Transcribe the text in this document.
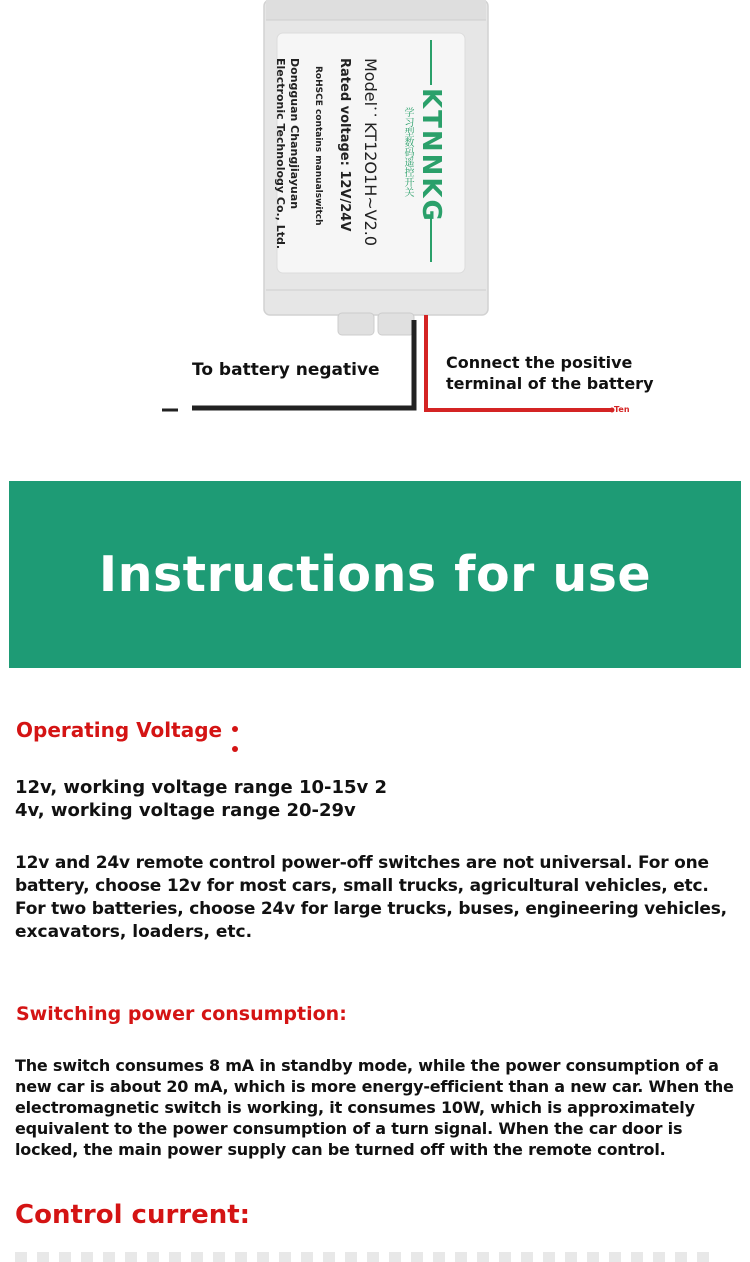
KTNNKG
学习型数码遥控开关
Model：KT12O1H~V2.0
Rated voltage: 12V/24V
RoHSCE contains manualswitch
Dongguan Changjiayuan
Electronic Technology Co., Ltd.
To battery negative	Connect the positive
terminal of the battery
Ten
Instructions for use
Operating Voltage
12v, working voltage range 10-15v 2
4v, working voltage range 20-29v
12v and 24v remote control power-off switches are not universal. For one
battery, choose 12v for most cars, small trucks, agricultural vehicles, etc.
For two batteries, choose 24v for large trucks, buses, engineering vehicles,
excavators, loaders, etc.
Switching power consumption:
The switch consumes 8 mA in standby mode, while the power consumption of a
new car is about 20 mA, which is more energy-efficient than a new car. When the
electromagnetic switch is working, it consumes 10W, which is approximately
equivalent to the power consumption of a turn signal. When the car door is
locked, the main power supply can be turned off with the remote control.
Control current:
